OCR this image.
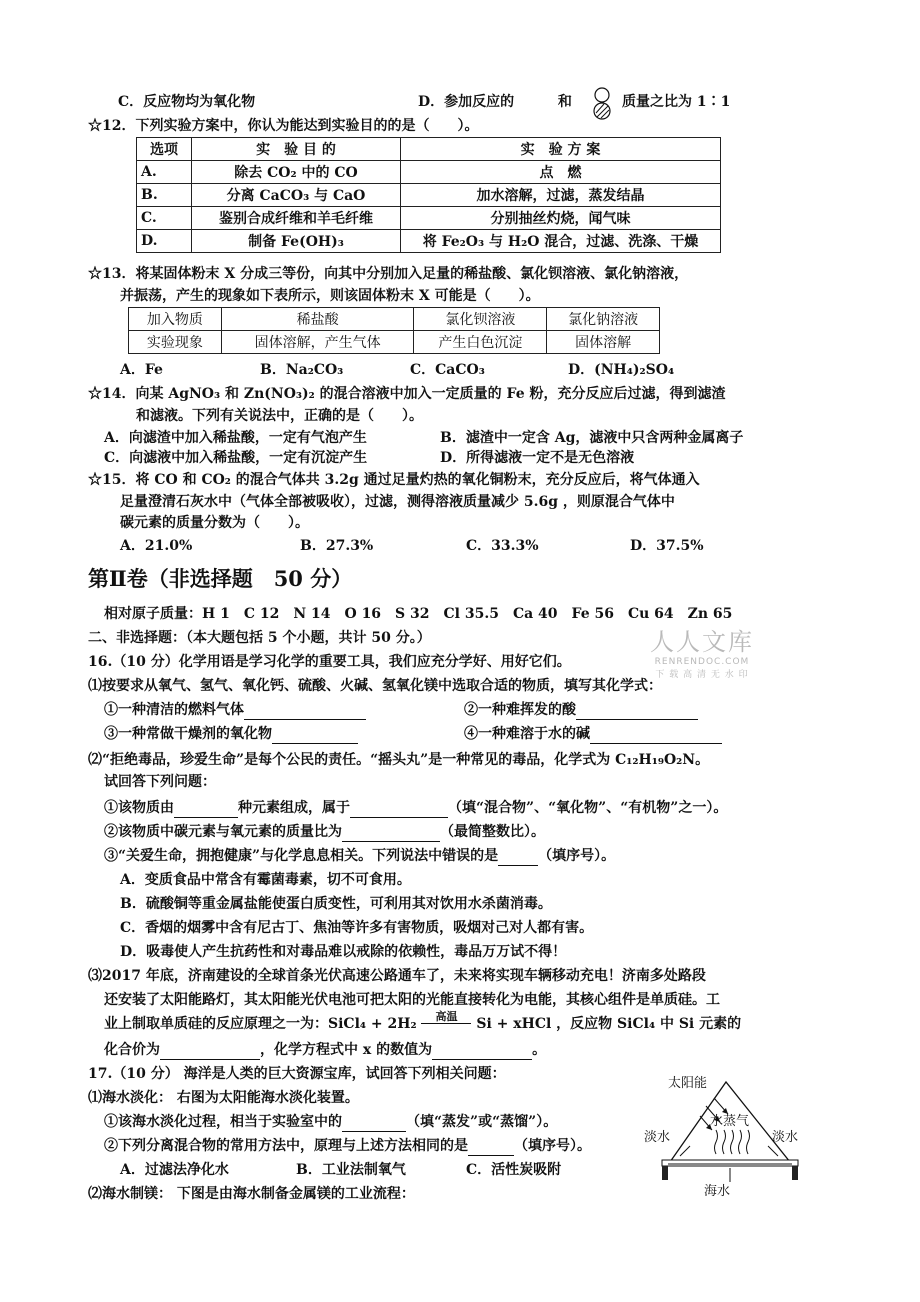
C．反应物均为氧化物	D．参加反应的	和	质量之比为 1∶1
☆12．下列实验方案中，你认为能达到实验目的的是（　　）。
选项	实　验 目 的	实　验 方 案
A.	除去 CO₂ 中的 CO	点　燃
B.	分离 CaCO₃ 与 CaO	加水溶解，过滤，蒸发结晶
C.	鉴别合成纤维和羊毛纤维	分别抽丝灼烧，闻气味
D.	制备 Fe(OH)₃	将 Fe₂O₃ 与 H₂O 混合，过滤、洗涤、干燥
☆13．将某固体粉末 X 分成三等份，向其中分别加入足量的稀盐酸、氯化钡溶液、氯化钠溶液，
并振荡，产生的现象如下表所示，则该固体粉末 X 可能是（　　）。
加入物质	稀盐酸	氯化钡溶液	氯化钠溶液
实验现象	固体溶解，产生气体	产生白色沉淀	固体溶解
A．Fe	B．Na₂CO₃	C．CaCO₃	D．(NH₄)₂SO₄
☆14．向某 AgNO₃ 和 Zn(NO₃)₂ 的混合溶液中加入一定质量的 Fe 粉，充分反应后过滤，得到滤渣
和滤液。下列有关说法中，正确的是（　　）。
A．向滤渣中加入稀盐酸，一定有气泡产生	B．滤渣中一定含 Ag，滤液中只含两种金属离子
C．向滤液中加入稀盐酸，一定有沉淀产生	D．所得滤液一定不是无色溶液
☆15．将 CO 和 CO₂ 的混合气体共 3.2g 通过足量灼热的氧化铜粉末，充分反应后，将气体通入
足量澄清石灰水中（气体全部被吸收），过滤，测得溶液质量减少 5.6g ，则原混合气体中
碳元素的质量分数为（　　）。
A．21.0%	B．27.3%	C．33.3%	D．37.5%
第Ⅱ卷（非选择题　50 分）
相对原子质量：H 1　C 12　N 14　O 16　S 32　Cl 35.5　Ca 40　Fe 56　Cu 64　Zn 65
二、非选择题：（本大题包括 5 个小题，共计 50 分。）	人人文库
RENRENDOC.COM
下 载 高 清 无 水 印
16.（10 分）化学用语是学习化学的重要工具，我们应充分学好、用好它们。
⑴按要求从氧气、氢气、氧化钙、硫酸、火碱、氢氧化镁中选取合适的物质，填写其化学式：
①一种清洁的燃料气体	②一种难挥发的酸
③一种常做干燥剂的氧化物	④一种难溶于水的碱
⑵“拒绝毒品，珍爱生命”是每个公民的责任。“摇头丸”是一种常见的毒品，化学式为 C₁₂H₁₉O₂N。
试回答下列问题：
①该物质由	种元素组成，属于	（填“混合物”、“氧化物”、“有机物”之一）。
②该物质中碳元素与氧元素的质量比为	（最简整数比）。
③“关爱生命，拥抱健康”与化学息息相关。下列说法中错误的是	（填序号）。
A．变质食品中常含有霉菌毒素，切不可食用。
B．硫酸铜等重金属盐能使蛋白质变性，可利用其对饮用水杀菌消毒。
C．香烟的烟雾中含有尼古丁、焦油等许多有害物质，吸烟对己对人都有害。
D．吸毒使人产生抗药性和对毒品难以戒除的依赖性，毒品万万试不得！
⑶2017 年底，济南建设的全球首条光伏高速公路通车了，未来将实现车辆移动充电！济南多处路段
还安装了太阳能路灯，其太阳能光伏电池可把太阳的光能直接转化为电能，其核心组件是单质硅。工
业上制取单质硅的反应原理之一为：SiCl₄ + 2H₂ 高温 Si + xHCl ，反应物 SiCl₄ 中 Si 元素的
化合价为	，化学方程式中 x 的数值为	。
17.（10 分） 海洋是人类的巨大资源宝库，试回答下列相关问题：
⑴海水淡化： 右图为太阳能海水淡化装置。
①该海水淡化过程，相当于实验室中的	（填“蒸发”或“蒸馏”）。
②下列分离混合物的常用方法中，原理与上述方法相同的是	（填序号）。
A．过滤法净化水	B．工业法制氧气	C．活性炭吸附
⑵海水制镁： 下图是由海水制备金属镁的工业流程：
太阳能
水蒸气
淡水	淡水
海水
